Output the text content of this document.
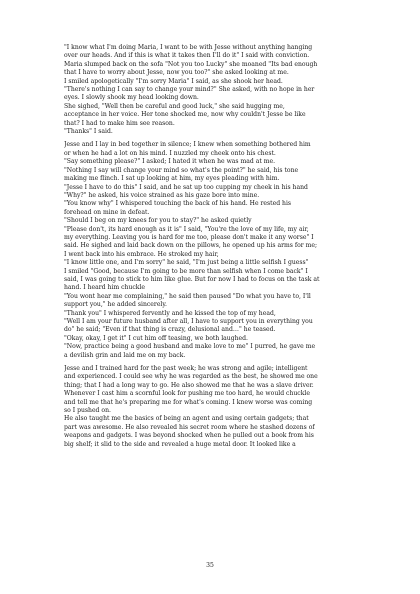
"I know what I'm doing Maria, I want to be with Jesse without anything hanging
over our heads. And if this is what it takes then I'll do it" I said with conviction.
Maria slumped back on the sofa "Not you too Lucky" she moaned "Its bad enough
that I have to worry about Jesse, now you too?" she asked looking at me.
I smiled apologetically "I'm sorry Maria" I said, as she shook her head.
"There's nothing I can say to change your mind?" She asked, with no hope in her
eyes. I slowly shook my head looking down.
She sighed, "Well then be careful and good luck," she said hugging me,
acceptance in her voice. Her tone shocked me, now why couldn't Jesse be like
that? I had to make him see reason.
"Thanks" I said.
Jesse and I lay in bed together in silence; I knew when something bothered him
or when he had a lot on his mind. I nuzzled my cheek onto his chest.
"Say something please?" I asked; I hated it when he was mad at me.
"Nothing I say will change your mind so what's the point?" he said, his tone
making me flinch. I sat up looking at him, my eyes pleading with him.
"Jesse I have to do this" I said, and he sat up too cupping my cheek in his hand
"Why?" he asked, his voice strained as his gaze bore into mine.
"You know why" I whispered touching the back of his hand. He rested his
forehead on mine in defeat.
"Should I beg on my knees for you to stay?" he asked quietly
"Please don't, its hard enough as it is" I said, "You're the love of my life, my air,
my everything. Leaving you is hard for me too, please don't make it any worse" I
said. He sighed and laid back down on the pillows, he opened up his arms for me;
I went back into his embrace. He stroked my hair,
"I know little one, and I'm sorry" he said, "I'm just being a little selfish I guess"
I smiled "Good, because I'm going to be more than selfish when I come back" I
said, I was going to stick to him like glue. But for now I had to focus on the task at
hand. I heard him chuckle
"You wont hear me complaining," he said then paused "Do what you have to, I'll
support you," he added sincerely.
"Thank you" I whispered fervently and he kissed the top of my head,
"Well I am your future husband after all, I have to support you in everything you
do" he said; "Even if that thing is crazy, delusional and…" he teased.
"Okay, okay, I get it" I cut him off teasing, we both laughed.
"Now, practice being a good husband and make love to me" I purred, he gave me
a devilish grin and laid me on my back.
Jesse and I trained hard for the past week; he was strong and agile; intelligent
and experienced. I could see why he was regarded as the best, he showed me one
thing; that I had a long way to go. He also showed me that he was a slave driver.
Whenever I cast him a scornful look for pushing me too hard, he would chuckle
and tell me that he's preparing me for what's coming. I knew worse was coming
so I pushed on.
He also taught me the basics of being an agent and using certain gadgets; that
part was awesome. He also revealed his secret room where he stashed dozens of
weapons and gadgets. I was beyond shocked when he pulled out a book from his
big shelf; it slid to the side and revealed a huge metal door. It looked like a
35
